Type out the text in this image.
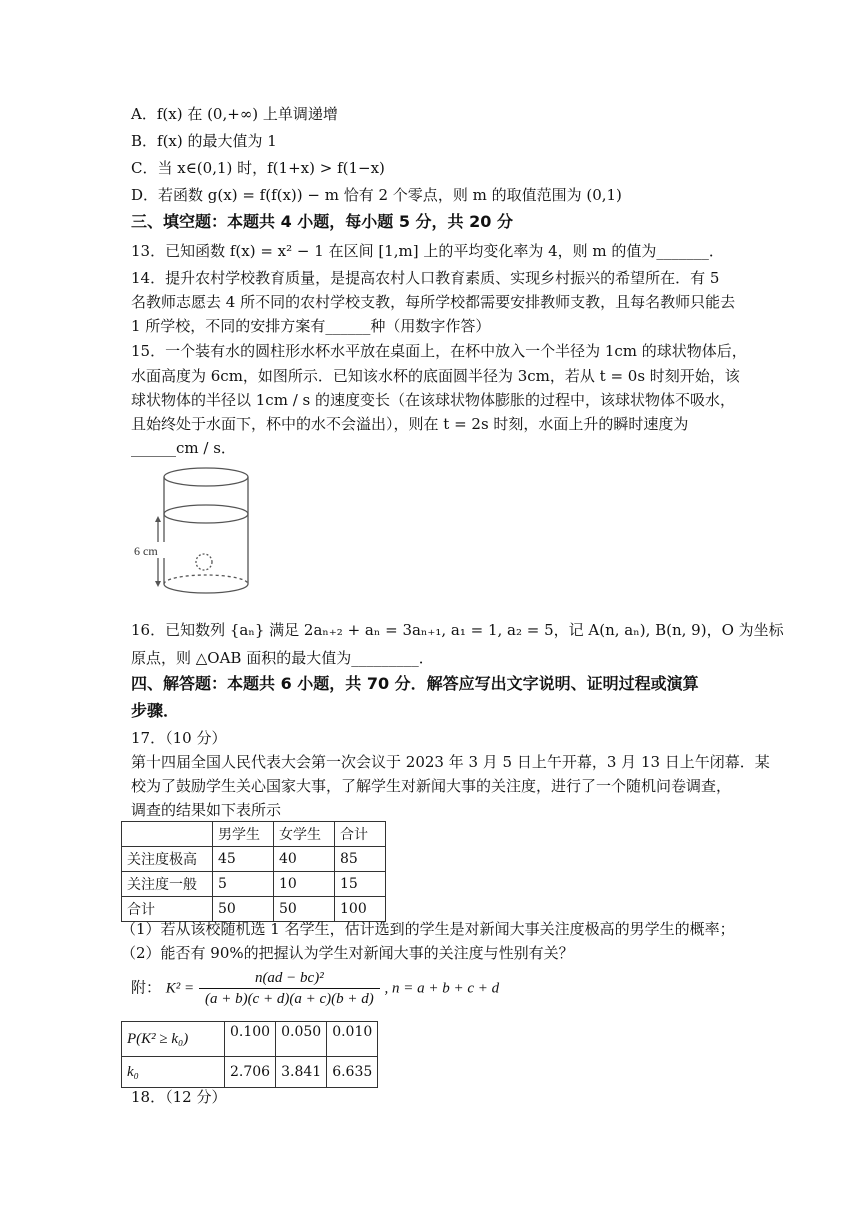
A．f(x) 在 (0,+∞) 上单调递增
B．f(x) 的最大值为 1
C．当 x∈(0,1) 时，f(1+x) > f(1−x)
D．若函数 g(x) = f(f(x)) − m 恰有 2 个零点，则 m 的取值范围为 (0,1)
三、填空题：本题共 4 小题，每小题 5 分，共 20 分
13．已知函数 f(x) = x² − 1 在区间 [1,m] 上的平均变化率为 4，则 m 的值为_______．
14．提升农村学校教育质量，是提高农村人口教育素质、实现乡村振兴的希望所在．有 5
名教师志愿去 4 所不同的农村学校支教，每所学校都需要安排教师支教，且每名教师只能去
1 所学校，不同的安排方案有______种（用数字作答）
15．一个装有水的圆柱形水杯水平放在桌面上，在杯中放入一个半径为 1cm 的球状物体后，
水面高度为 6cm，如图所示．已知该水杯的底面圆半径为 3cm，若从 t = 0s 时刻开始，该
球状物体的半径以 1cm / s 的速度变长（在该球状物体膨胀的过程中，该球状物体不吸水，
且始终处于水面下，杯中的水不会溢出），则在 t = 2s 时刻，水面上升的瞬时速度为
______cm / s．
6 cm
16．已知数列 {aₙ} 满足 2aₙ₊₂ + aₙ = 3aₙ₊₁, a₁ = 1, a₂ = 5，记 A(n, aₙ), B(n, 9)，O 为坐标
原点，则 △OAB 面积的最大值为_________．
四、解答题：本题共 6 小题，共 70 分．解答应写出文字说明、证明过程或演算
步骤．
17．（10 分）
第十四届全国人民代表大会第一次会议于 2023 年 3 月 5 日上午开幕，3 月 13 日上午闭幕．某
校为了鼓励学生关心国家大事，了解学生对新闻大事的关注度，进行了一个随机问卷调查，
调查的结果如下表所示
	男学生	女学生	合计
关注度极高	45	40	85
关注度一般	5	10	15
合计	50	50	100
（1）若从该校随机选 1 名学生，估计选到的学生是对新闻大事关注度极高的男学生的概率；
（2）能否有 90%的把握认为学生对新闻大事的关注度与性别有关？
附： $K^2 = \frac{\text{n(ad − bc)²}}{(a + b)(c + d)(a + c)(b + d)}$ , n = a + b + c + d
P(K² ≥ k₀)	0.100	0.050	0.010
k₀	2.706	3.841	6.635
18．（12 分）
